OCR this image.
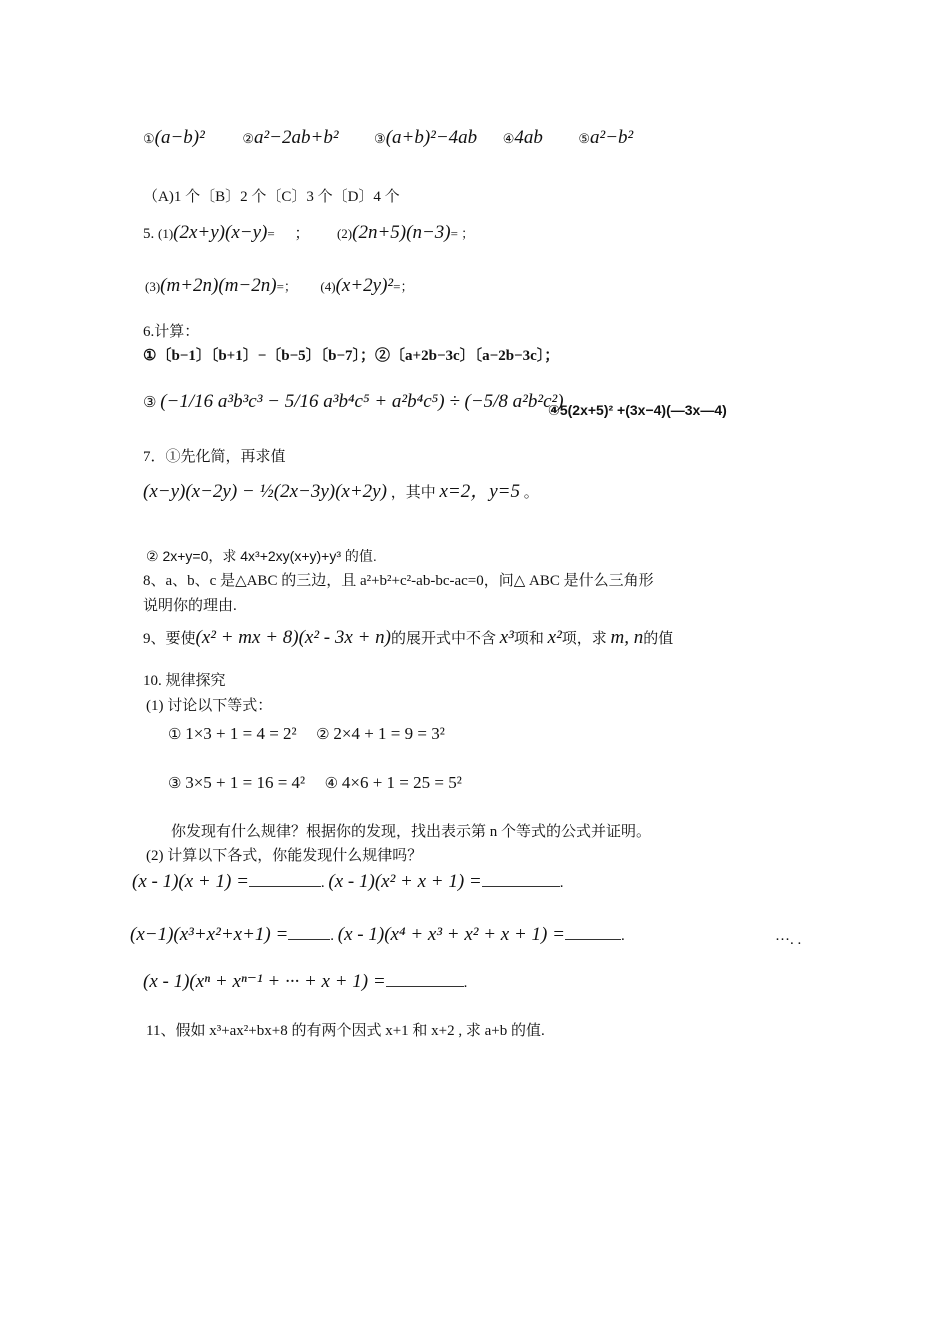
①(a−b)²	②a²−2ab+b²	③(a+b)²−4ab ④4ab	⑤a²−b²
（A)1 个〔B〕2 个〔C〕3 个〔D〕4 个
5. (1)(2x+y)(x−y)= ； (2)(2n+5)(n−3)= ；
(3)(m+2n)(m−2n)=； (4)(x+2y)²=；
6.计算：
①〔b−1〕〔b+1〕−〔b−5〕〔b−7〕；②〔a+2b−3c〕〔a−2b−3c〕；
③ (−1/16 a³b³c³ − 5/16 a³b⁴c⁵ + a²b⁴c⁵) ÷ (−5/8 a²b²c²)
④5(2x+5)² +(3x−4)(—3x—4)
7．①先化简，再求值
(x−y)(x−2y) − ½(2x−3y)(x+2y) ，其中 x=2，y=5 。
② 2x+y=0，求 4x³+2xy(x+y)+y³ 的值.
8、a、b、c 是△ABC 的三边，且 a²+b²+c²-ab-bc-ac=0，问△ ABC 是什么三角形
说明你的理由.
9、要使(x² + mx + 8)(x² - 3x + n)的展开式中不含 x³项和 x²项，求 m, n的值
10. 规律探究
(1) 讨论以下等式：
① 1×3 + 1 = 4 = 2² ② 2×4 + 1 = 9 = 3²
③ 3×5 + 1 = 16 = 4² ④ 4×6 + 1 = 25 = 5²
你发现有什么规律？根据你的发现，找出表示第 n 个等式的公式并证明。
(2) 计算以下各式，你能发现什么规律吗？
(x - 1)(x + 1) =	. (x - 1)(x² + x + 1) =	.
(x−1)(x³+x²+x+1) =	. (x - 1)(x⁴ + x³ + x² + x + 1) =	.	···. .
(x - 1)(xⁿ + xⁿ⁻¹ + ··· + x + 1) =	.
11、假如 x³+ax²+bx+8 的有两个因式 x+1 和 x+2 , 求 a+b 的值.
